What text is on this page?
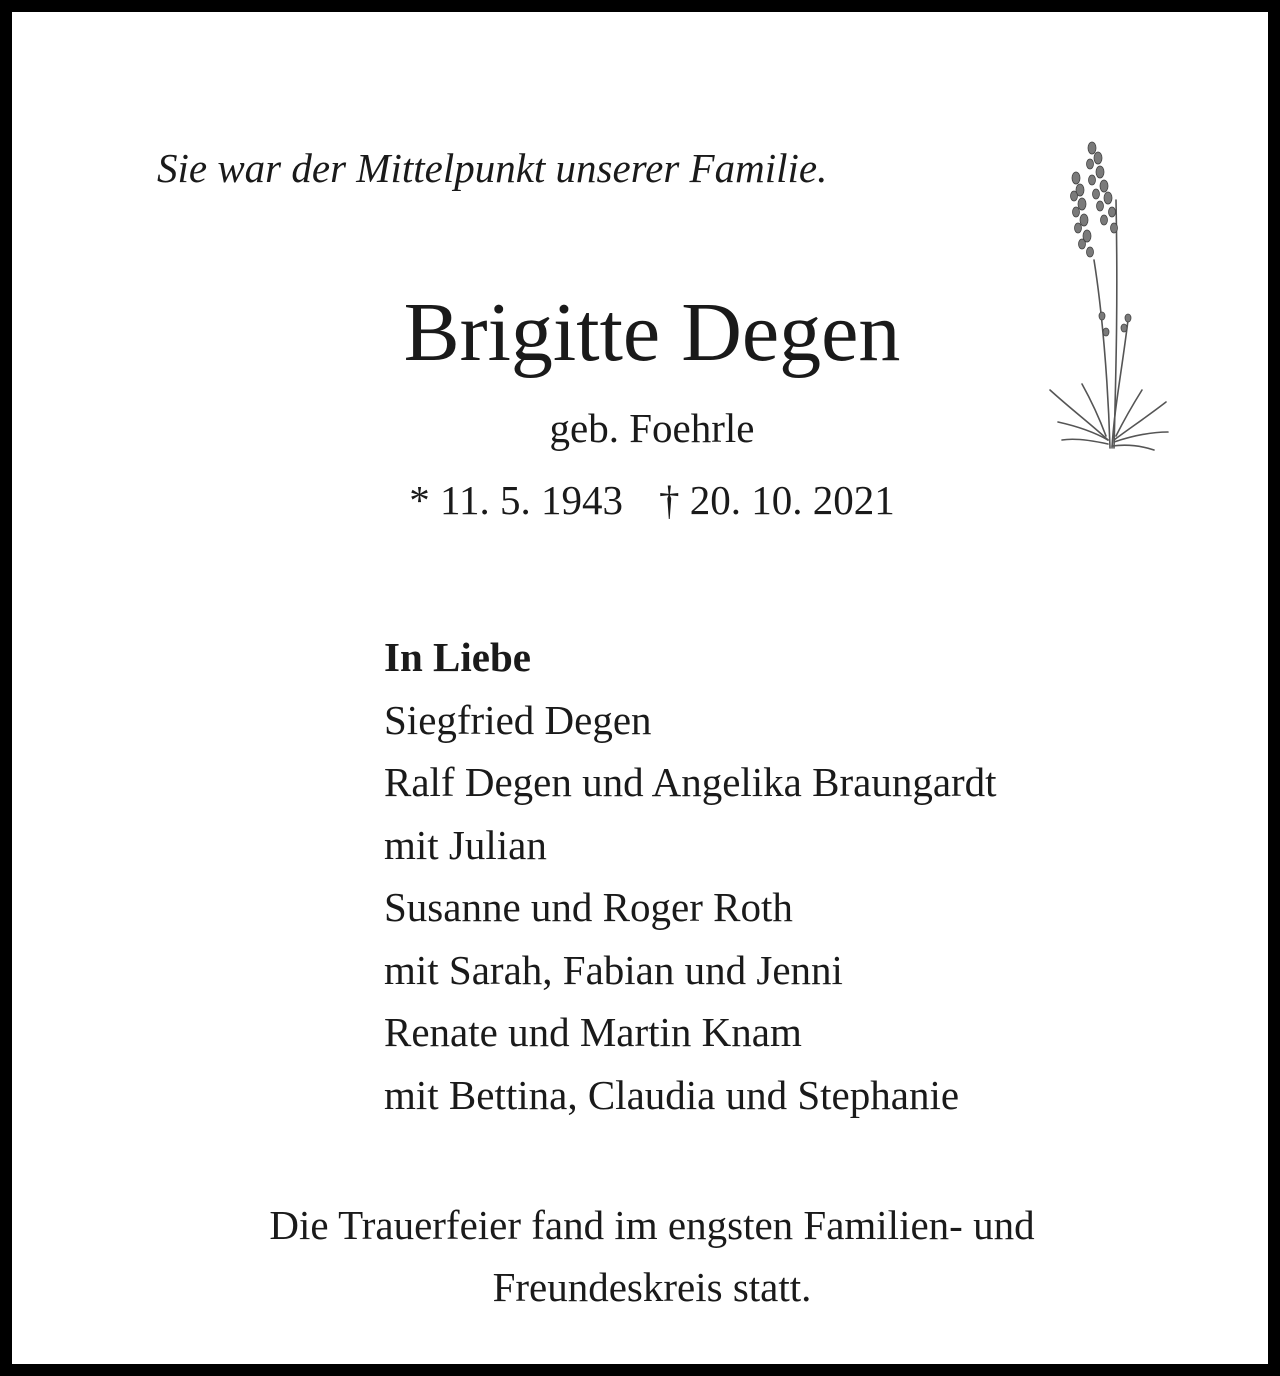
Sie war der Mittelpunkt unserer Familie.
Brigitte Degen
geb. Foehrle
* 11. 5. 1943 † 20. 10. 2021
In Liebe
Siegfried Degen
Ralf Degen und Angelika Braungardt
mit Julian
Susanne und Roger Roth
mit Sarah, Fabian und Jenni
Renate und Martin Knam
mit Bettina, Claudia und Stephanie
Die Trauerfeier fand im engsten Familien- und
Freundeskreis statt.
